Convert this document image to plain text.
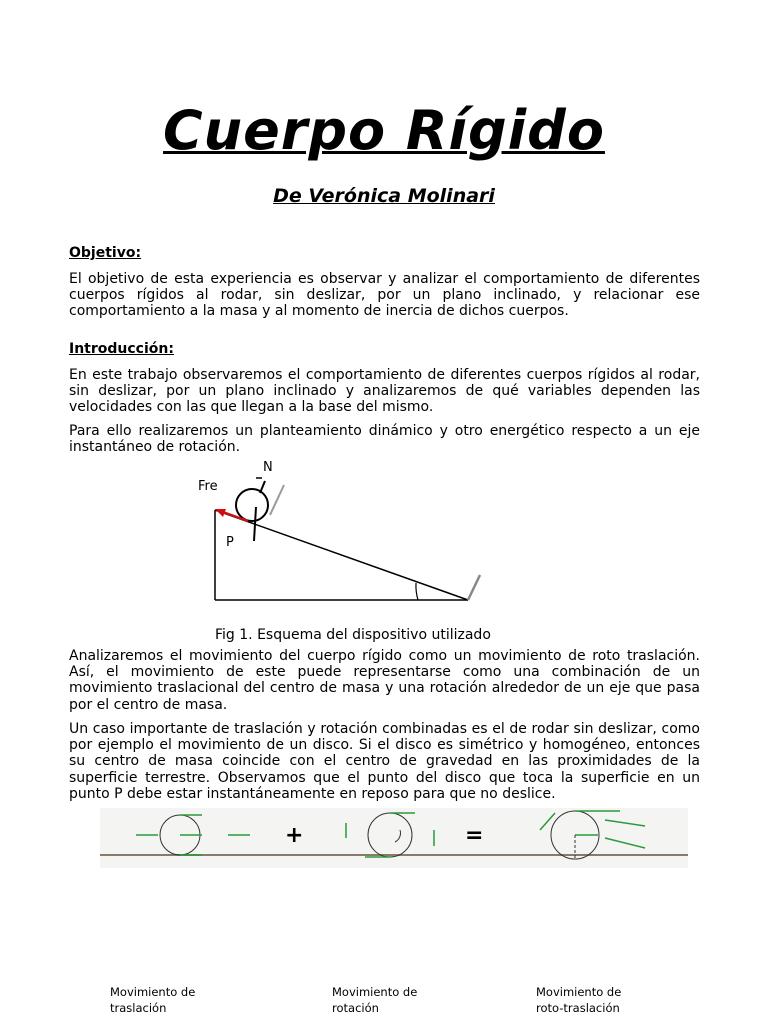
Cuerpo Rígido
De Verónica Molinari
Objetivo:
El objetivo de esta experiencia es observar y analizar el comportamiento de diferentes cuerpos rígidos al rodar, sin deslizar, por un plano inclinado, y relacionar ese comportamiento a la masa y al momento de inercia de dichos cuerpos.
Introducción:
En este trabajo observaremos el comportamiento de diferentes cuerpos rígidos al rodar, sin deslizar, por un plano inclinado y analizaremos de qué variables dependen las velocidades con las que llegan a la base del mismo.
Para ello realizaremos un planteamiento dinámico y otro energético respecto a un eje instantáneo de rotación.
N
Fre
P
Fig 1. Esquema del dispositivo utilizado
Analizaremos el movimiento del cuerpo rígido como un movimiento de roto traslación. Así, el movimiento de este puede representarse como una combinación de un movimiento traslacional del centro de masa y una rotación alrededor de un eje que pasa por el centro de masa.
Un caso importante de traslación y rotación combinadas es el de rodar sin deslizar, como por ejemplo el movimiento de un disco. Si el disco es simétrico y homogéneo, entonces su centro de masa coincide con el centro de gravedad en las proximidades de la superficie terrestre. Observamos que el punto del disco que toca la superficie en un punto P debe estar instantáneamente en reposo para que no deslice.
+	=
Movimiento de traslación
Movimiento de rotación
Movimiento de roto-traslación
